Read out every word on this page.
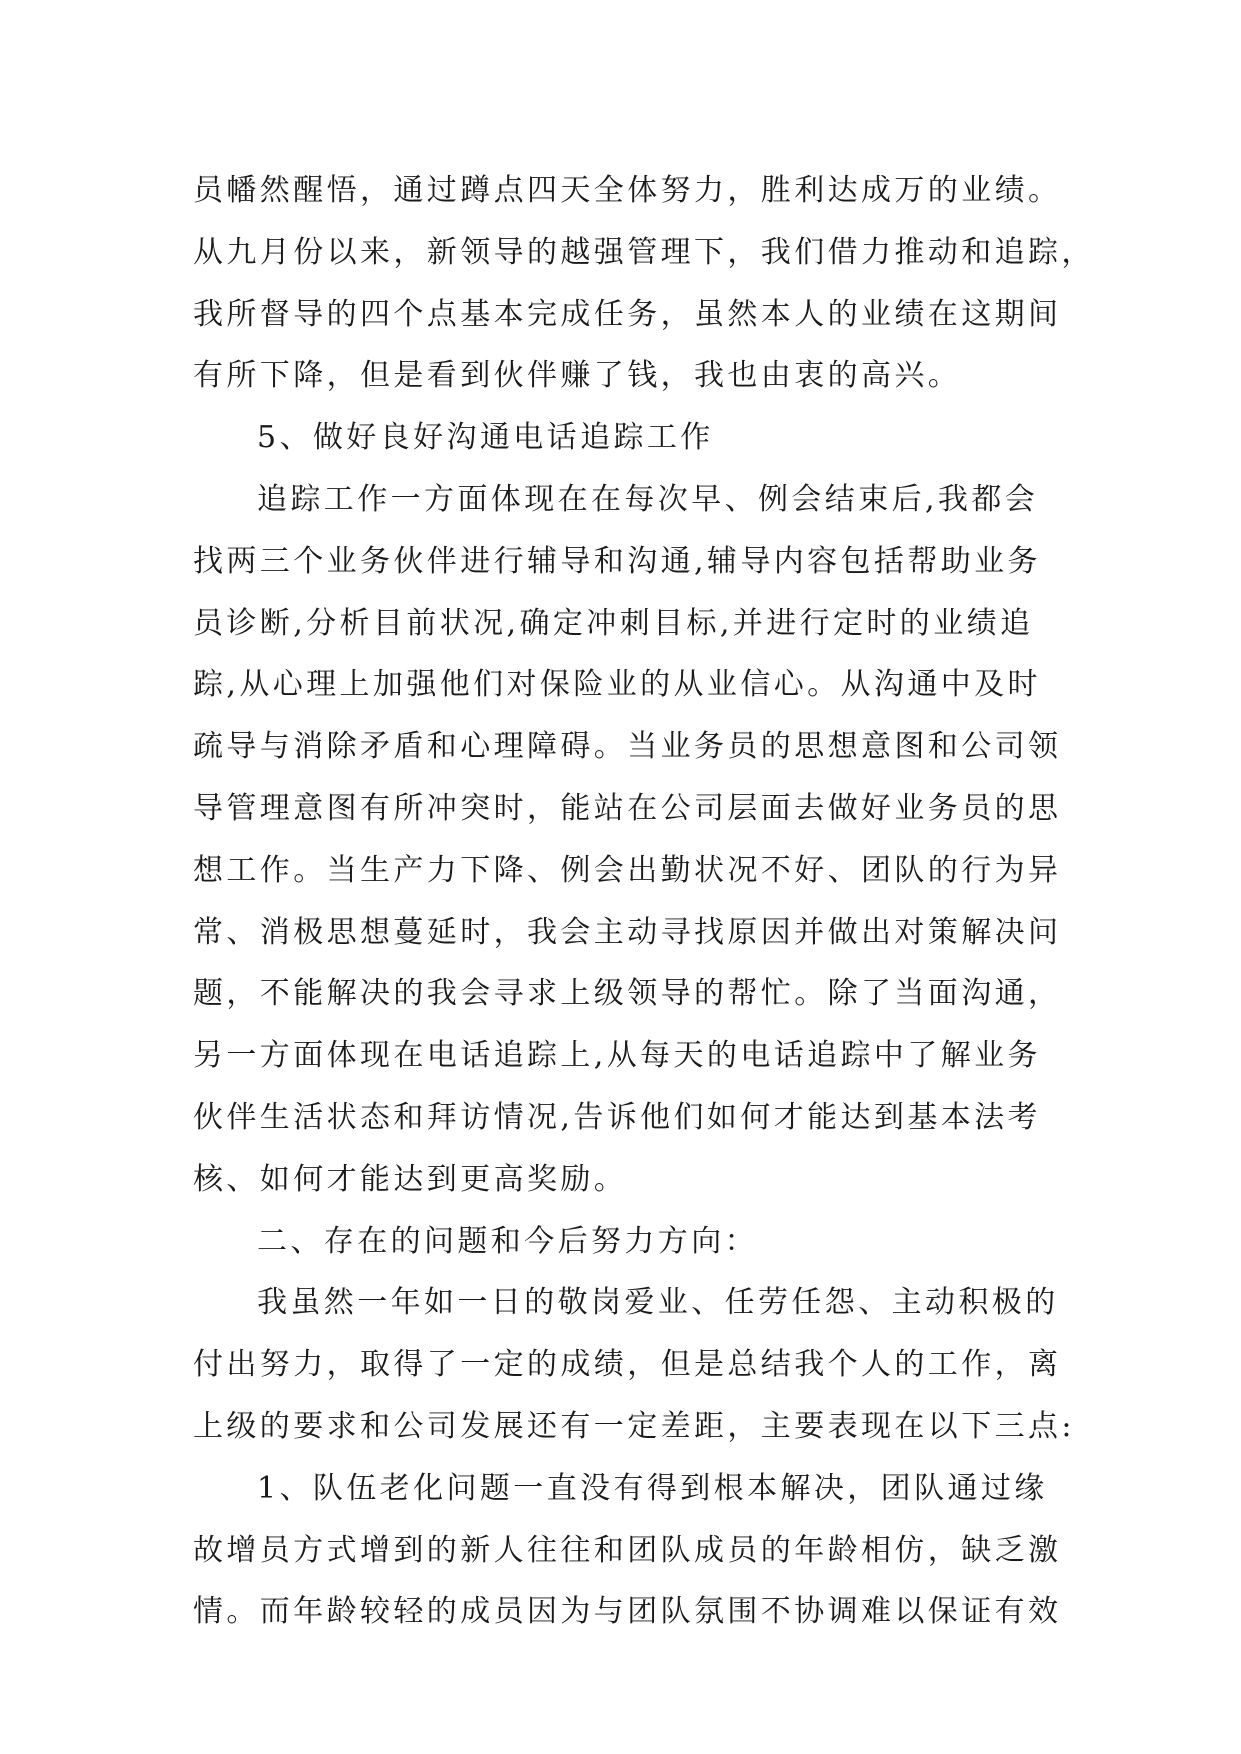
员幡然醒悟，通过蹲点四天全体努力，胜利达成万的业绩。
从九月份以来，新领导的越强管理下，我们借力推动和追踪，
我所督导的四个点基本完成任务，虽然本人的业绩在这期间
有所下降，但是看到伙伴赚了钱，我也由衷的高兴。
5、做好良好沟通电话追踪工作
追踪工作一方面体现在在每次早、例会结束后,我都会
找两三个业务伙伴进行辅导和沟通,辅导内容包括帮助业务
员诊断,分析目前状况,确定冲刺目标,并进行定时的业绩追
踪,从心理上加强他们对保险业的从业信心。从沟通中及时
疏导与消除矛盾和心理障碍。当业务员的思想意图和公司领
导管理意图有所冲突时，能站在公司层面去做好业务员的思
想工作。当生产力下降、例会出勤状况不好、团队的行为异
常、消极思想蔓延时，我会主动寻找原因并做出对策解决问
题，不能解决的我会寻求上级领导的帮忙。除了当面沟通，
另一方面体现在电话追踪上,从每天的电话追踪中了解业务
伙伴生活状态和拜访情况,告诉他们如何才能达到基本法考
核、如何才能达到更高奖励。
二、存在的问题和今后努力方向：
我虽然一年如一日的敬岗爱业、任劳任怨、主动积极的
付出努力，取得了一定的成绩，但是总结我个人的工作，离
上级的要求和公司发展还有一定差距，主要表现在以下三点:
1、队伍老化问题一直没有得到根本解决，团队通过缘
故增员方式增到的新人往往和团队成员的年龄相仿，缺乏激
情。而年龄较轻的成员因为与团队氛围不协调难以保证有效
